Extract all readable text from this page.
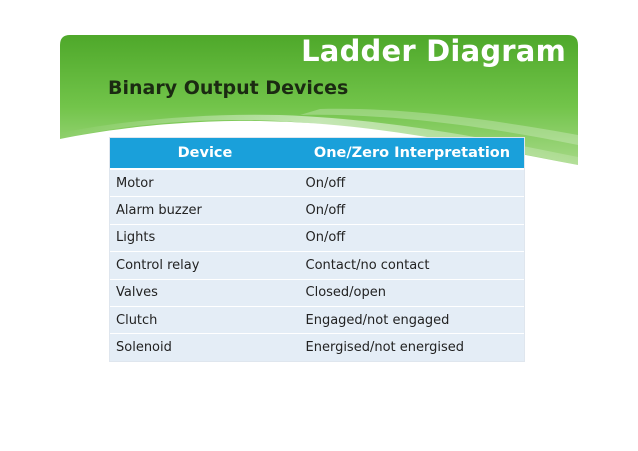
Ladder Diagram
Binary Output Devices
Device	One/Zero Interpretation
Motor	On/off
Alarm buzzer	On/off
Lights	On/off
Control relay	Contact/no contact
Valves	Closed/open
Clutch	Engaged/not engaged
Solenoid	Energised/not energised
